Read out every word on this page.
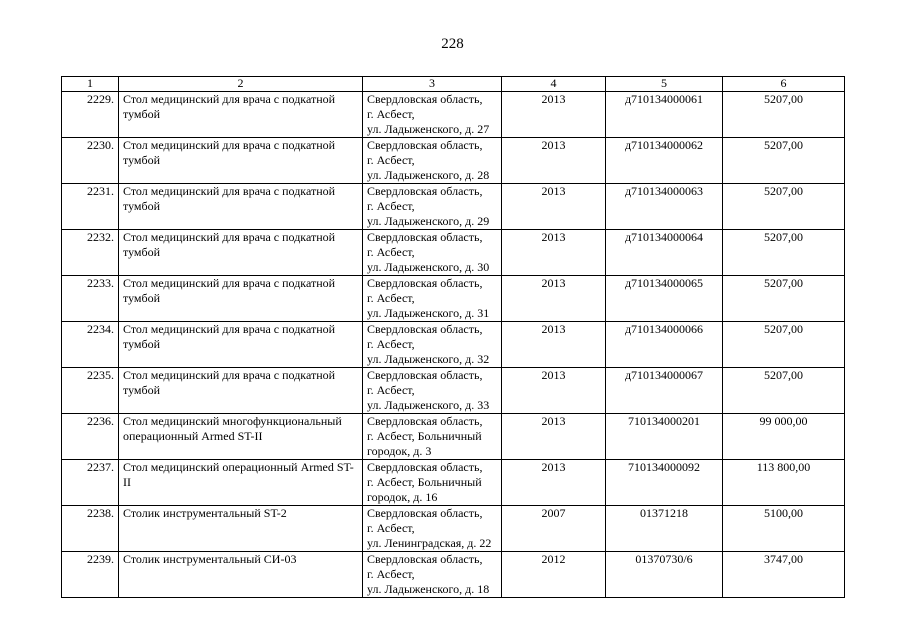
228
1	2	3	4	5	6
2229.	Стол медицинский для врача с подкатной тумбой	Свердловская область,
г. Асбест,
ул. Ладыженского, д. 27	2013	д710134000061	5207,00
2230.	Стол медицинский для врача с подкатной тумбой	Свердловская область,
г. Асбест,
ул. Ладыженского, д. 28	2013	д710134000062	5207,00
2231.	Стол медицинский для врача с подкатной тумбой	Свердловская область,
г. Асбест,
ул. Ладыженского, д. 29	2013	д710134000063	5207,00
2232.	Стол медицинский для врача с подкатной тумбой	Свердловская область,
г. Асбест,
ул. Ладыженского, д. 30	2013	д710134000064	5207,00
2233.	Стол медицинский для врача с подкатной тумбой	Свердловская область,
г. Асбест,
ул. Ладыженского, д. 31	2013	д710134000065	5207,00
2234.	Стол медицинский для врача с подкатной тумбой	Свердловская область,
г. Асбест,
ул. Ладыженского, д. 32	2013	д710134000066	5207,00
2235.	Стол медицинский для врача с подкатной тумбой	Свердловская область,
г. Асбест,
ул. Ладыженского, д. 33	2013	д710134000067	5207,00
2236.	Стол медицинский многофункциональный операционный Armed ST-II	Свердловская область,
г. Асбест, Больничный
городок, д. 3	2013	710134000201	99 000,00
2237.	Стол медицинский операционный Armed ST-II	Свердловская область,
г. Асбест, Больничный
городок, д. 16	2013	710134000092	113 800,00
2238.	Столик инструментальный ST-2	Свердловская область,
г. Асбест,
ул. Ленинградская, д. 22	2007	01371218	5100,00
2239.	Столик инструментальный СИ-03	Свердловская область,
г. Асбест,
ул. Ладыженского, д. 18	2012	01370730/6	3747,00
